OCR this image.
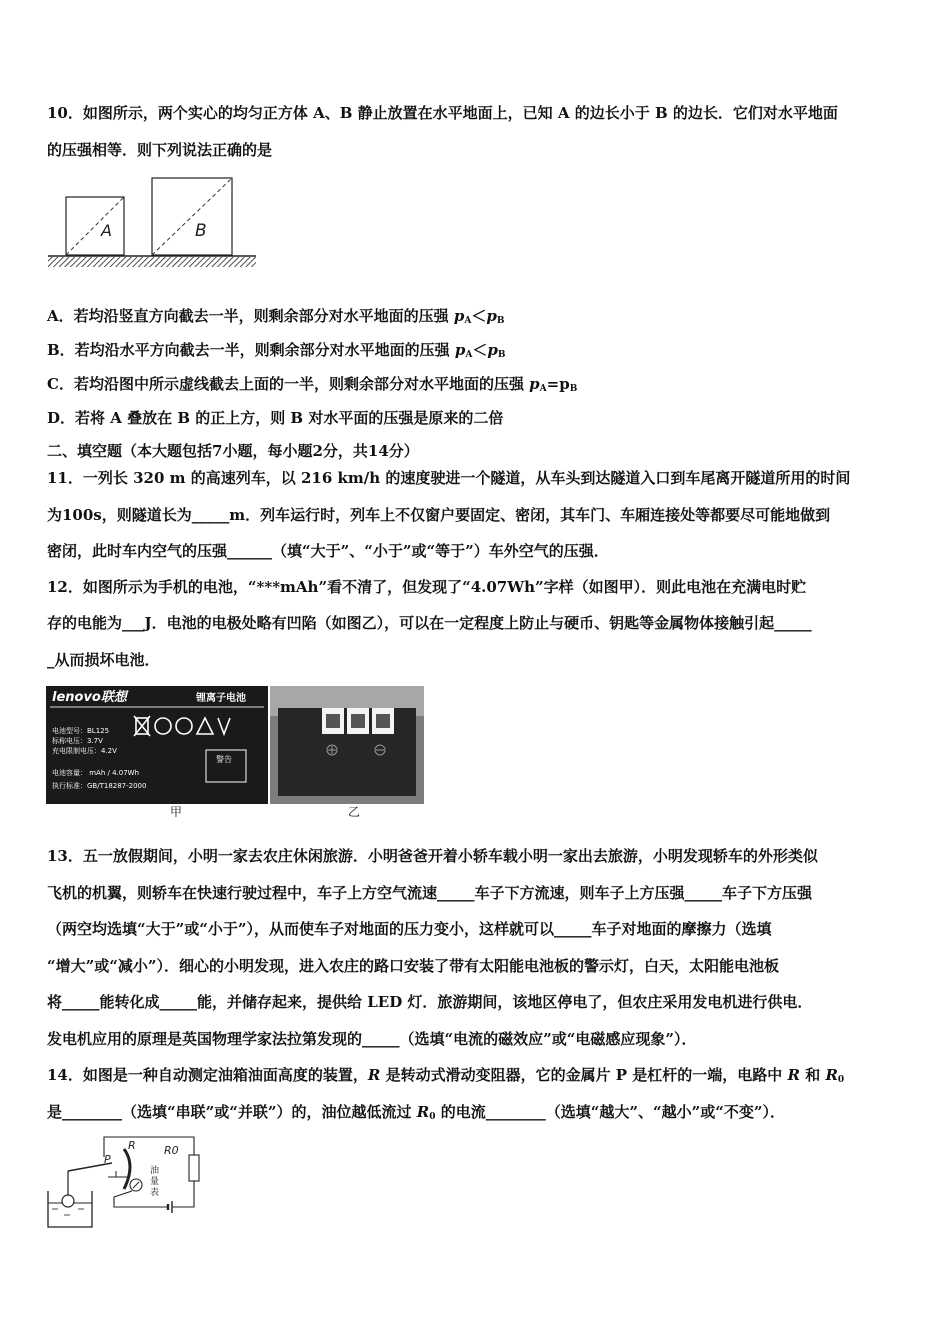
10．如图所示，两个实心的均匀正方体 A、B 静止放置在水平地面上，已知 A 的边长小于 B 的边长．它们对水平地面
的压强相等．则下列说法正确的是
A	B
A．若均沿竖直方向截去一半，则剩余部分对水平地面的压强 $p_A<p_B$
B．若均沿水平方向截去一半，则剩余部分对水平地面的压强 $p_A<p_B$
C．若均沿图中所示虚线截去上面的一半，则剩余部分对水平地面的压强 $p_A=p_B$
D．若将 A 叠放在 B 的正上方，则 B 对水平面的压强是原来的二倍
二、填空题（本大题包括7小题，每小题2分，共14分）
11．一列长 320 m 的高速列车，以 216 km/h 的速度驶进一个隧道，从车头到达隧道入口到车尾离开隧道所用的时间
为100s，则隧道长为_____m．列车运行时，列车上不仅窗户要固定、密闭，其车门、车厢连接处等都要尽可能地做到
密闭，此时车内空气的压强______（填“大于”、“小于”或“等于”）车外空气的压强．
12．如图所示为手机的电池，“***mAh”看不清了，但发现了“4.07Wh”字样（如图甲）．则此电池在充满电时贮
存的电能为___J．电池的电极处略有凹陷（如图乙），可以在一定程度上防止与硬币、钥匙等金属物体接触引起_____
_从而损坏电池．
lenovo联想	锂离子电池
电池型号：BL125
标称电压：3.7V
充电限制电压：4.2V
电池容量： mAh / 4.07Wh
执行标准：GB/T18287-2000
警告
甲	乙
13．五一放假期间，小明一家去农庄休闲旅游．小明爸爸开着小轿车载小明一家出去旅游，小明发现轿车的外形类似
飞机的机翼，则轿车在快速行驶过程中，车子上方空气流速_____车子下方流速，则车子上方压强_____车子下方压强
（两空均选填“大于”或“小于”），从而使车子对地面的压力变小，这样就可以_____车子对地面的摩擦力（选填
“增大”或“减小”）．细心的小明发现，进入农庄的路口安装了带有太阳能电池板的警示灯，白天，太阳能电池板
将_____能转化成_____能，并储存起来，提供给 LED 灯．旅游期间，该地区停电了，但农庄采用发电机进行供电．
发电机应用的原理是英国物理学家法拉第发现的_____（选填“电流的磁效应”或“电磁感应现象”）．
14．如图是一种自动测定油箱油面高度的装置，R 是转动式滑动变阻器，它的金属片 P 是杠杆的一端，电路中 R 和 $R_0$
是________（选填“串联”或“并联”）的，油位越低流过 $R_0$ 的电流________（选填“越大”、“越小”或“不变”）．
R
P
R0
油量表
